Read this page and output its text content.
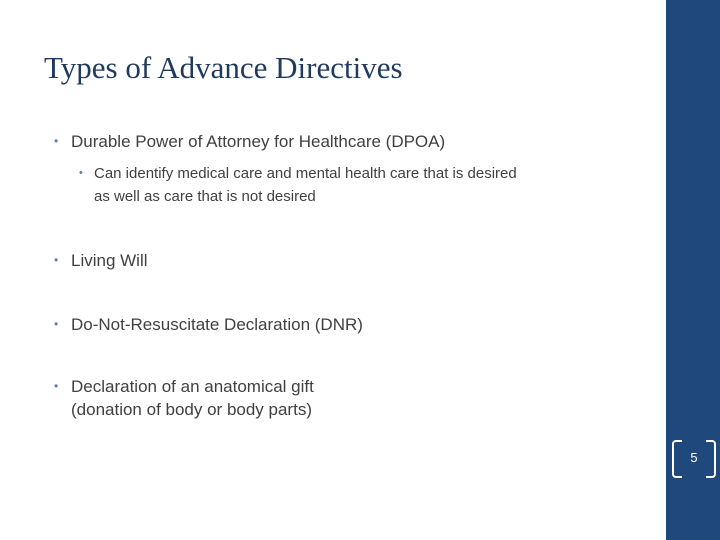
Types of Advance Directives
• Durable Power of Attorney for Healthcare (DPOA)
• Can identify medical care and mental health care that is desired
as well as care that is not desired
• Living Will
• Do-Not-Resuscitate Declaration (DNR)
• Declaration of an anatomical gift
(donation of body or body parts)
5
